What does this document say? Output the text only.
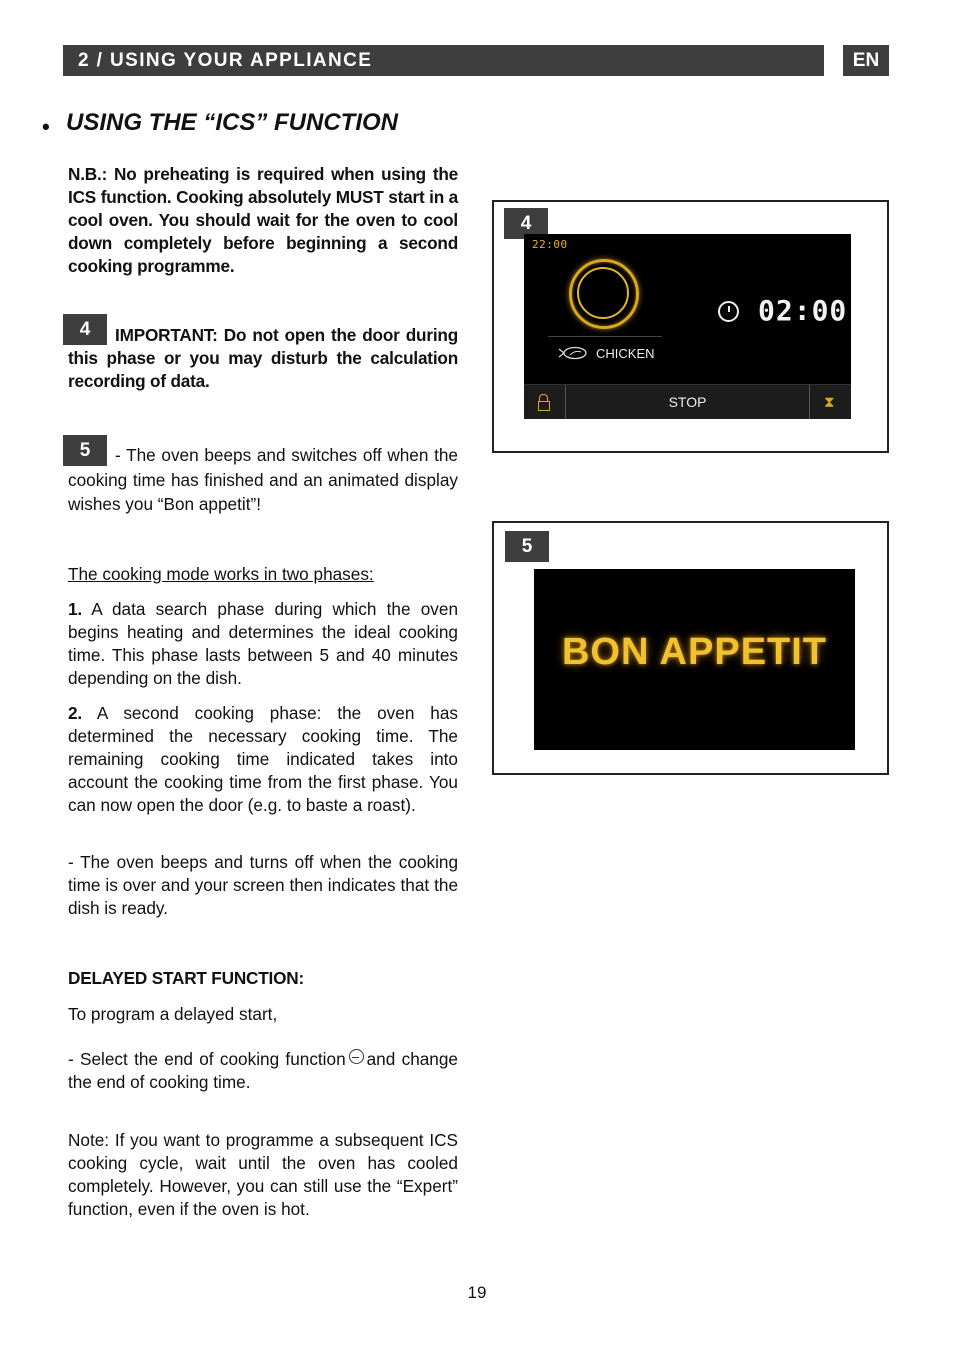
2 / USING YOUR APPLIANCE	EN
• USING THE “ICS” FUNCTION
N.B.: No preheating is required when using the ICS function. Cooking absolutely MUST start in a cool oven. You should wait for the oven to cool down completely before beginning a second cooking programme.
4	IMPORTANT: Do not open the door during this phase or you may disturb the calculation recording of data.
5	- The oven beeps and switches off when the cooking time has finished and an animated display wishes you “Bon appetit”!
The cooking mode works in two phases:
1. A data search phase during which the oven begins heating and determines the ideal cooking time. This phase lasts between 5 and 40 minutes depending on the dish.
2. A second cooking phase: the oven has determined the necessary cooking time. The remaining cooking time indicated takes into account the cooking time from the first phase. You can now open the door (e.g. to baste a roast).
- The oven beeps and turns off when the cooking time is over and your screen then indicates that the dish is ready.
DELAYED START FUNCTION:
To program a delayed start,
- Select the end of cooking function and change the end of cooking time.
Note: If you want to programme a subsequent ICS cooking cycle, wait until the oven has cooled completely. However, you can still use the “Expert” function, even if the oven is hot.
4
22:00
CHICKEN
02:00
STOP	⧗
5
BON APPETIT
19
